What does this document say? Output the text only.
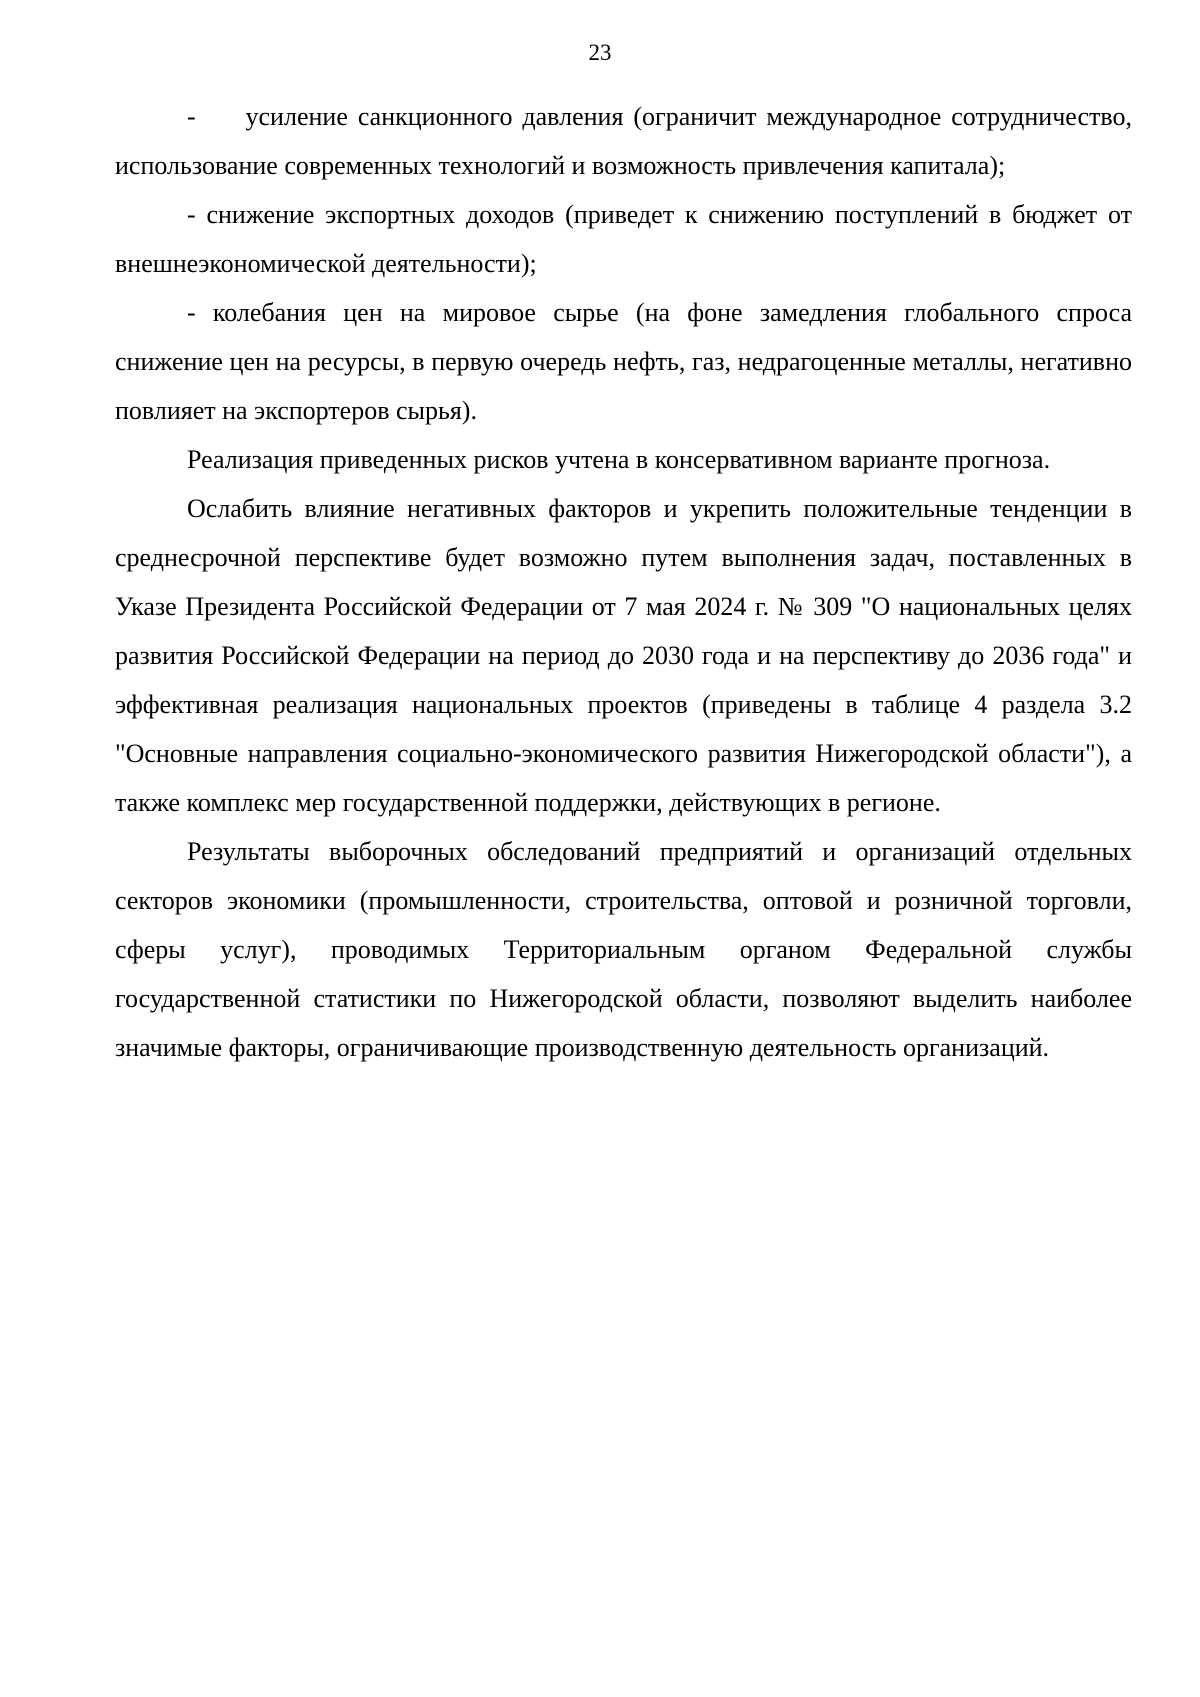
23

-     усиление санкционного давления (ограничит международное сотрудничество, использование современных технологий и возможность привлечения капитала);

- снижение экспортных доходов (приведет к снижению поступлений в бюджет от внешнеэкономической деятельности);

- колебания цен на мировое сырье (на фоне замедления глобального спроса снижение цен на ресурсы, в первую очередь нефть, газ, недрагоценные металлы, негативно повлияет на экспортеров сырья).

Реализация приведенных рисков учтена в консервативном варианте прогноза.

Ослабить влияние негативных факторов и укрепить положительные тенденции в среднесрочной перспективе будет возможно путем выполнения задач, поставленных в Указе Президента Российской Федерации от 7 мая 2024 г. № 309 "О национальных целях развития Российской Федерации на период до 2030 года и на перспективу до 2036 года" и эффективная реализация национальных проектов (приведены в таблице 4 раздела 3.2 "Основные направления социально-экономического развития Нижегородской области"), а также комплекс мер государственной поддержки, действующих в регионе.

Результаты выборочных обследований предприятий и организаций отдельных секторов экономики (промышленности, строительства, оптовой и розничной торговли, сферы услуг), проводимых Территориальным органом Федеральной службы государственной статистики по Нижегородской области, позволяют выделить наиболее значимые факторы, ограничивающие производственную деятельность организаций.
